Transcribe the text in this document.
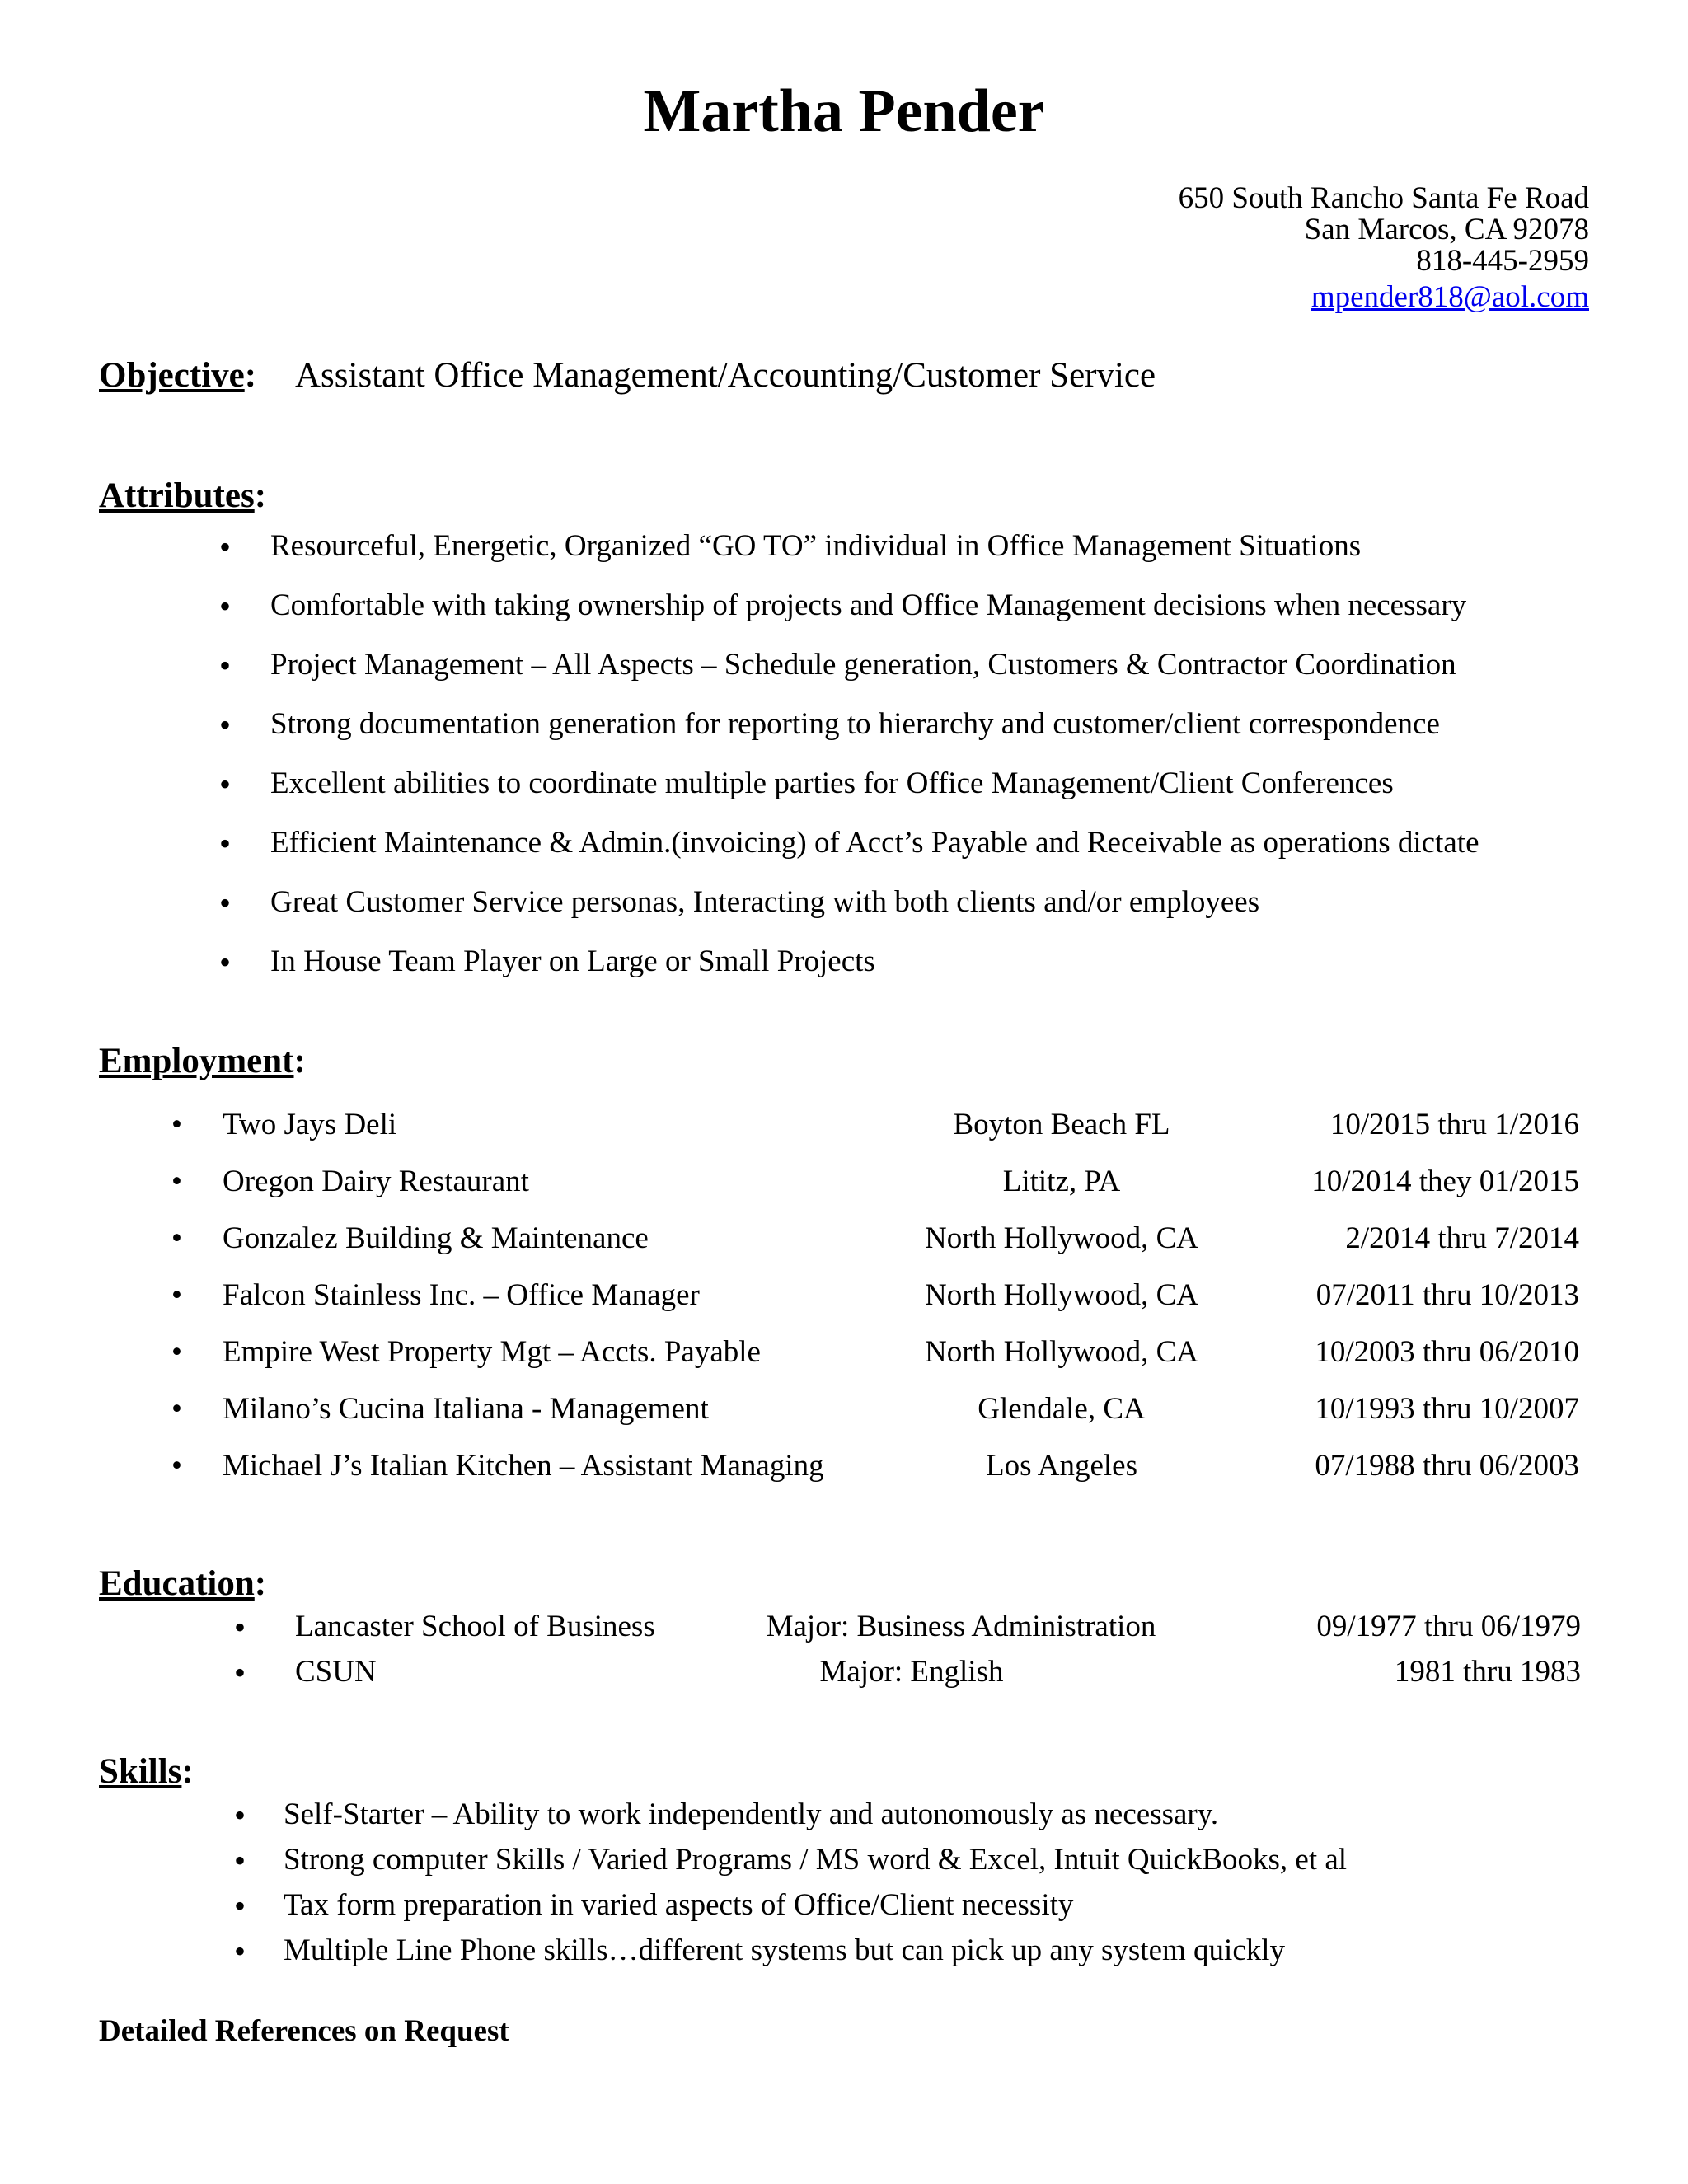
Martha Pender
650 South Rancho Santa Fe Road
San Marcos, CA 92078
818-445-2959
mpender818@aol.com
Objective: Assistant Office Management/Accounting/Customer Service
Attributes:
• Resourceful, Energetic, Organized “GO TO” individual in Office Management Situations
• Comfortable with taking ownership of projects and Office Management decisions when necessary
• Project Management – All Aspects – Schedule generation, Customers & Contractor Coordination
• Strong documentation generation for reporting to hierarchy and customer/client correspondence
• Excellent abilities to coordinate multiple parties for Office Management/Client Conferences
• Efficient Maintenance & Admin.(invoicing) of Acct’s Payable and Receivable as operations dictate
• Great Customer Service personas, Interacting with both clients and/or employees
• In House Team Player on Large or Small Projects
Employment:
• Two Jays Deli	Boyton Beach FL	10/2015 thru 1/2016
• Oregon Dairy Restaurant	Lititz, PA	10/2014 they 01/2015
• Gonzalez Building & Maintenance	North Hollywood, CA	2/2014 thru 7/2014
• Falcon Stainless Inc. – Office Manager	North Hollywood, CA	07/2011 thru 10/2013
• Empire West Property Mgt – Accts. Payable	North Hollywood, CA	10/2003 thru 06/2010
• Milano’s Cucina Italiana - Management	Glendale, CA	10/1993 thru 10/2007
• Michael J’s Italian Kitchen – Assistant Managing	Los Angeles	07/1988 thru 06/2003
Education:
• Lancaster School of Business	Major: Business Administration	09/1977 thru 06/1979
• CSUN	Major: English	1981 thru 1983
Skills:
• Self-Starter – Ability to work independently and autonomously as necessary.
• Strong computer Skills / Varied Programs / MS word & Excel, Intuit QuickBooks, et al
• Tax form preparation in varied aspects of Office/Client necessity
• Multiple Line Phone skills…different systems but can pick up any system quickly
Detailed References on Request
